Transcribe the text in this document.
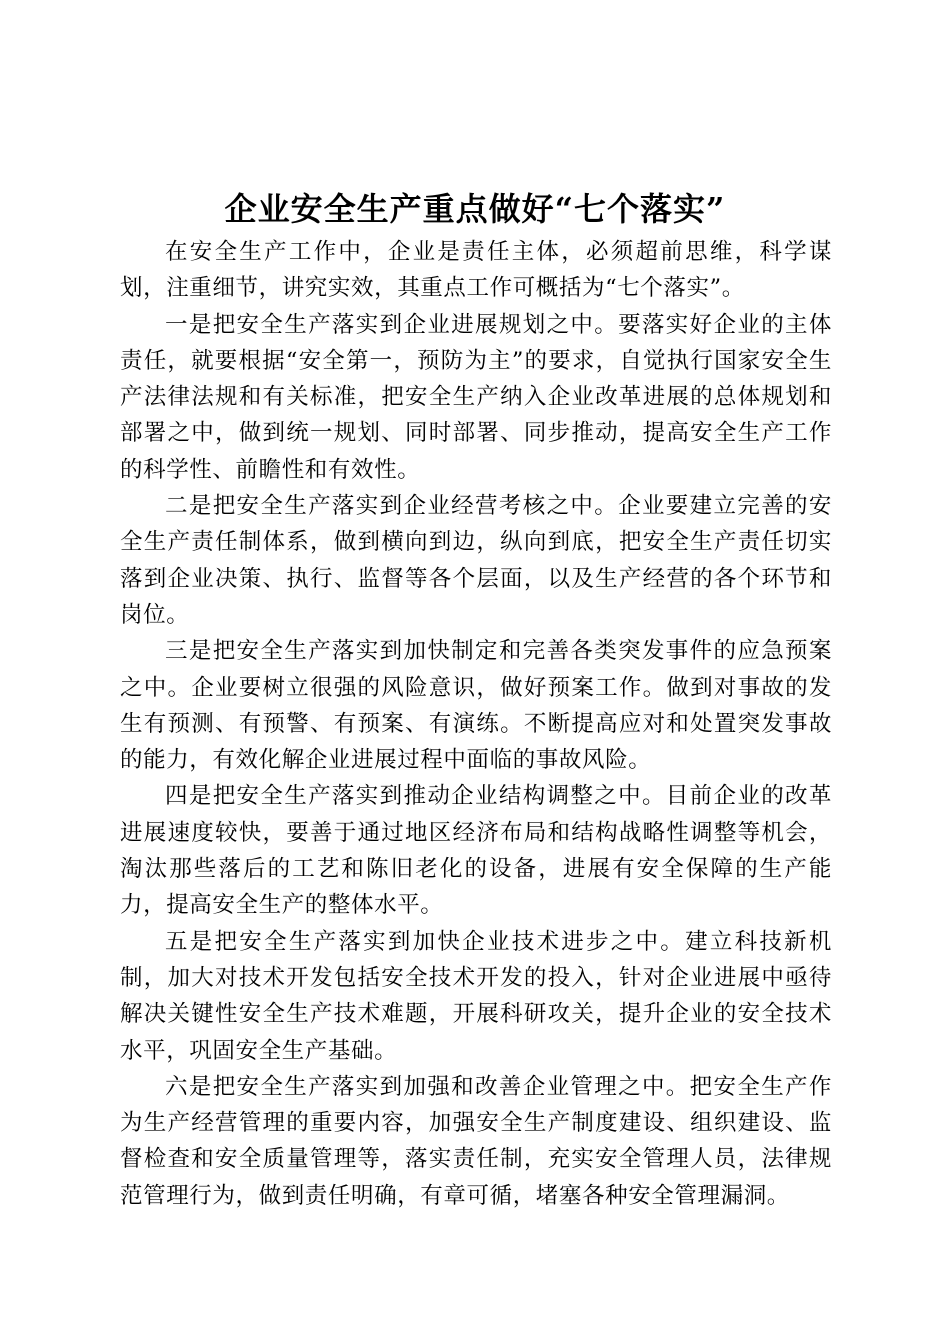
企业安全生产重点做好“七个落实”

在安全生产工作中，企业是责任主体，必须超前思维，科学谋划，注重细节，讲究实效，其重点工作可概括为“七个落实”。

一是把安全生产落实到企业进展规划之中。要落实好企业的主体责任，就要根据“安全第一，预防为主”的要求，自觉执行国家安全生产法律法规和有关标准，把安全生产纳入企业改革进展的总体规划和部署之中，做到统一规划、同时部署、同步推动，提高安全生产工作的科学性、前瞻性和有效性。

二是把安全生产落实到企业经营考核之中。企业要建立完善的安全生产责任制体系，做到横向到边，纵向到底，把安全生产责任切实落到企业决策、执行、监督等各个层面，以及生产经营的各个环节和岗位。

三是把安全生产落实到加快制定和完善各类突发事件的应急预案之中。企业要树立很强的风险意识，做好预案工作。做到对事故的发生有预测、有预警、有预案、有演练。不断提高应对和处置突发事故的能力，有效化解企业进展过程中面临的事故风险。

四是把安全生产落实到推动企业结构调整之中。目前企业的改革进展速度较快，要善于通过地区经济布局和结构战略性调整等机会，淘汰那些落后的工艺和陈旧老化的设备，进展有安全保障的生产能力，提高安全生产的整体水平。

五是把安全生产落实到加快企业技术进步之中。建立科技新机制，加大对技术开发包括安全技术开发的投入，针对企业进展中亟待解决关键性安全生产技术难题，开展科研攻关，提升企业的安全技术水平，巩固安全生产基础。

六是把安全生产落实到加强和改善企业管理之中。把安全生产作为生产经营管理的重要内容，加强安全生产制度建设、组织建设、监督检查和安全质量管理等，落实责任制，充实安全管理人员，法律规范管理行为，做到责任明确，有章可循，堵塞各种安全管理漏洞。
